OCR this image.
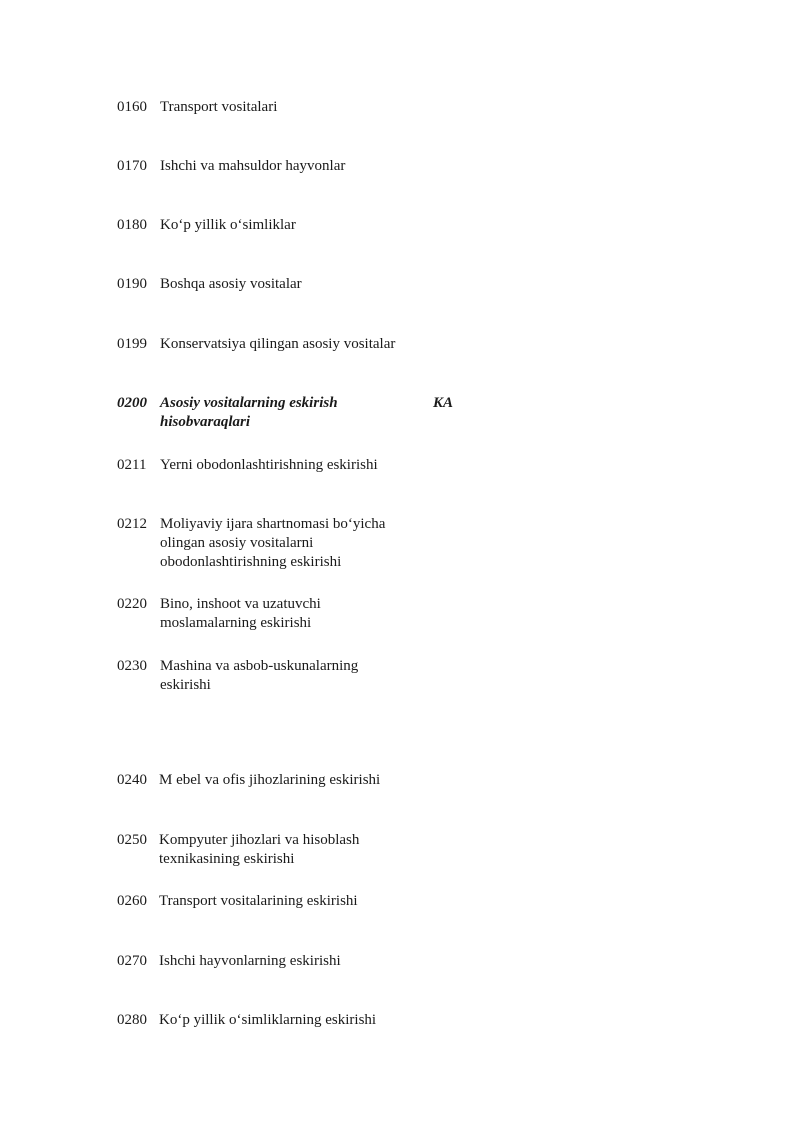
0160 Transport vositalari
0170 Ishchi va mahsuldor hayvonlar
0180 Ko‘p yillik o‘simliklar
0190 Boshqa asosiy vositalar
0199 Konservatsiya qilingan asosiy vositalar
0200 Asosiy vositalarning eskirish hisobvaraqlari
KA
0211 Yerni obodonlashtirishning eskirishi
0212 Moliyaviy ijara shartnomasi bo‘yicha olingan asosiy vositalarni obodonlashtirishning eskirishi
0220 Bino, inshoot va uzatuvchi moslamalarning eskirishi
0230 Mashina va asbob-uskunalarning eskirishi
0240 M ebel va ofis jihozlarining eskirishi
0250 Kompyuter jihozlari va hisoblash texnikasining eskirishi
0260 Transport vositalarining eskirishi
0270 Ishchi hayvonlarning eskirishi
0280 Ko‘p yillik o‘simliklarning eskirishi
